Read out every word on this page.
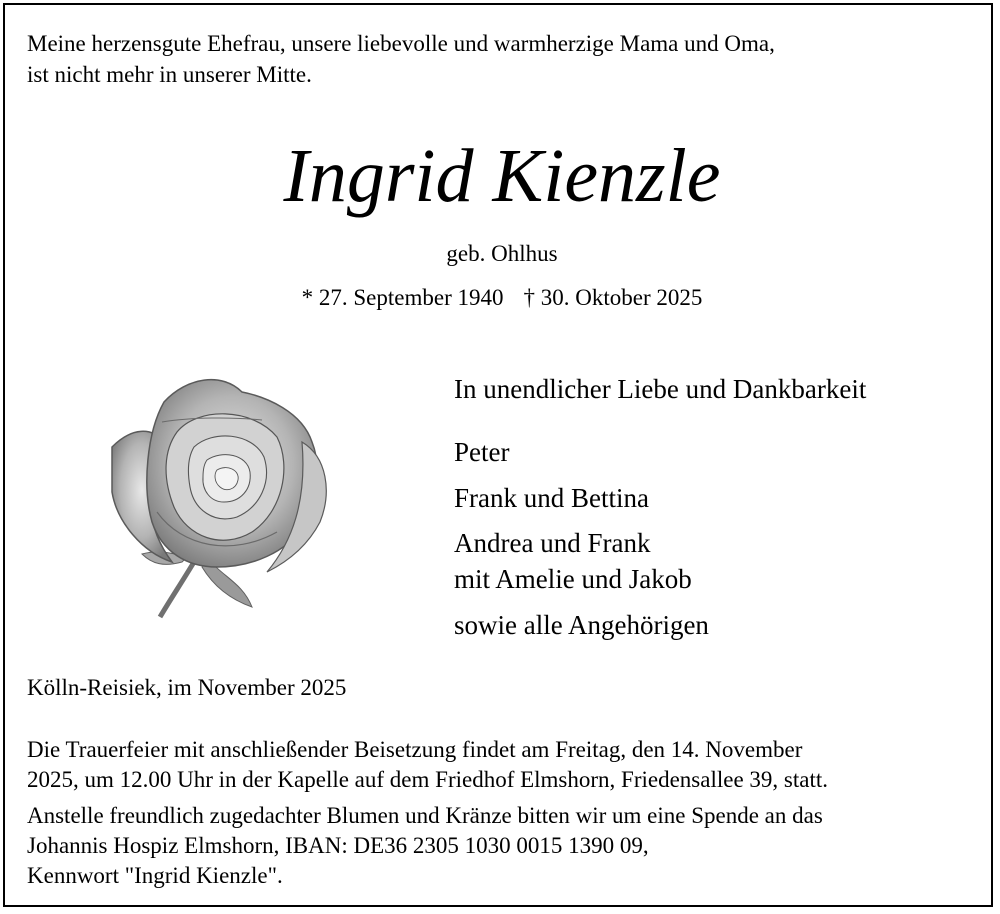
Meine herzensgute Ehefrau, unsere liebevolle und warmherzige Mama und Oma,
ist nicht mehr in unserer Mitte.
Ingrid Kienzle
geb. Ohlhus
* 27. September 1940 † 30. Oktober 2025
In unendlicher Liebe und Dankbarkeit
Peter
Frank und Bettina
Andrea und Frank
mit Amelie und Jakob
sowie alle Angehörigen
Kölln-Reisiek, im November 2025
Die Trauerfeier mit anschließender Beisetzung findet am Freitag, den 14. November
2025, um 12.00 Uhr in der Kapelle auf dem Friedhof Elmshorn, Friedensallee 39, statt.
Anstelle freundlich zugedachter Blumen und Kränze bitten wir um eine Spende an das
Johannis Hospiz Elmshorn, IBAN: DE36 2305 1030 0015 1390 09,
Kennwort "Ingrid Kienzle".
